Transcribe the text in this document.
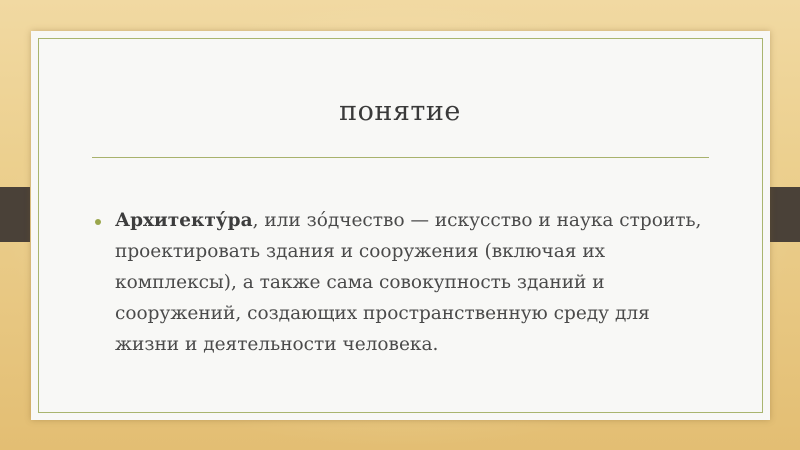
понятие
Архитекту́ра, или зо́дчество — искусство и наука строить, проектировать здания и сооружения (включая их комплексы), а также сама совокупность зданий и сооружений, создающих пространственную среду для жизни и деятельности человека.
